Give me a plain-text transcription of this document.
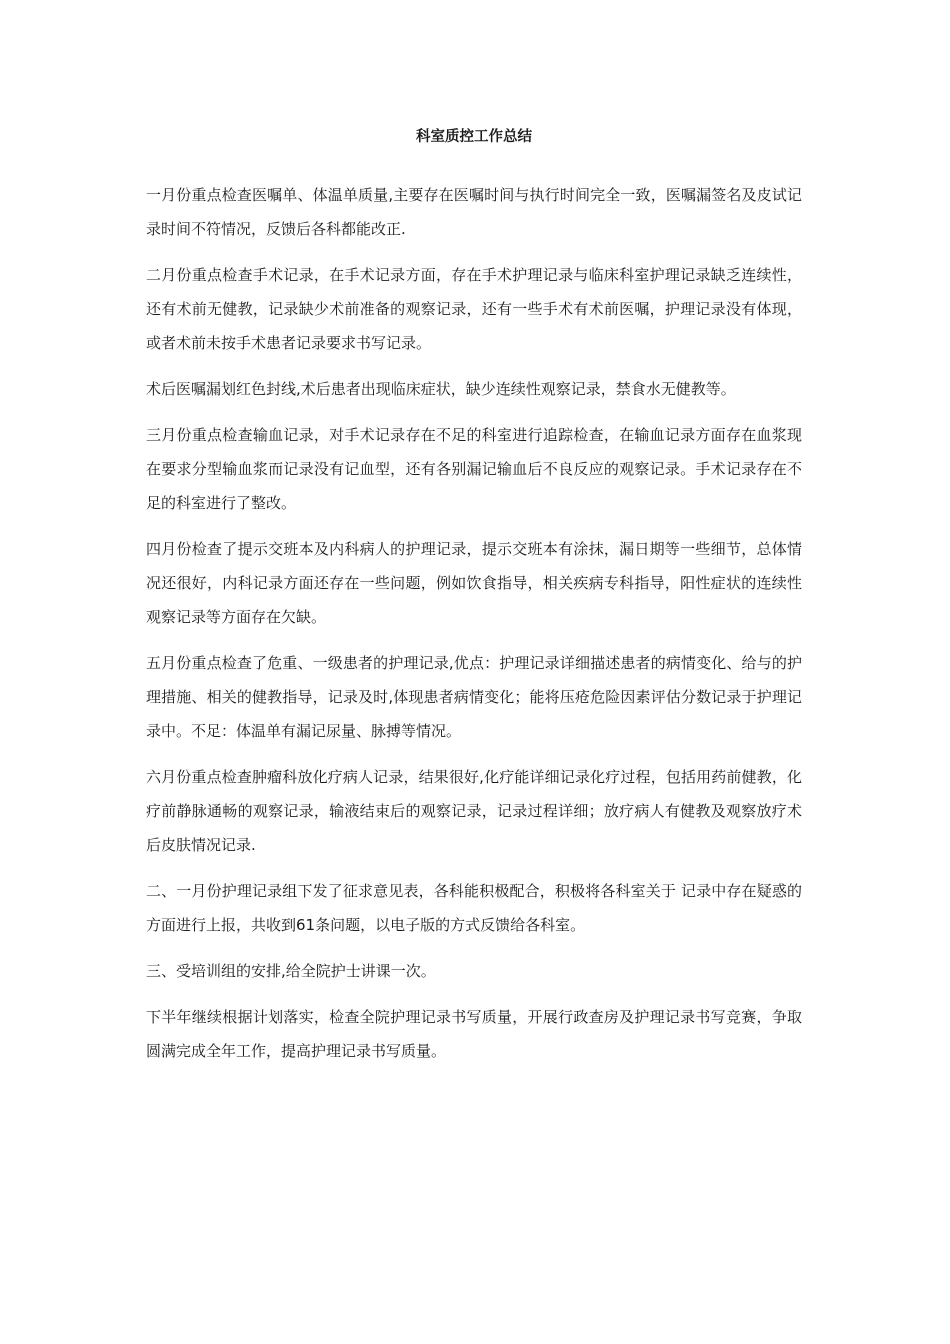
科室质控工作总结

一月份重点检查医嘱单、体温单质量,主要存在医嘱时间与执行时间完全一致，医嘱漏签名及皮试记录时间不符情况，反馈后各科都能改正.

二月份重点检查手术记录，在手术记录方面，存在手术护理记录与临床科室护理记录缺乏连续性，还有术前无健教，记录缺少术前准备的观察记录，还有一些手术有术前医嘱，护理记录没有体现，或者术前未按手术患者记录要求书写记录。

术后医嘱漏划红色封线,术后患者出现临床症状，缺少连续性观察记录，禁食水无健教等。

三月份重点检查输血记录，对手术记录存在不足的科室进行追踪检查，在输血记录方面存在血浆现在要求分型输血浆而记录没有记血型，还有各别漏记输血后不良反应的观察记录。手术记录存在不足的科室进行了整改。

四月份检查了提示交班本及内科病人的护理记录，提示交班本有涂抹，漏日期等一些细节，总体情况还很好，内科记录方面还存在一些问题，例如饮食指导，相关疾病专科指导，阳性症状的连续性观察记录等方面存在欠缺。

五月份重点检查了危重、一级患者的护理记录,优点：护理记录详细描述患者的病情变化、给与的护理措施、相关的健教指导，记录及时,体现患者病情变化；能将压疮危险因素评估分数记录于护理记录中。不足：体温单有漏记尿量、脉搏等情况。

六月份重点检查肿瘤科放化疗病人记录，结果很好,化疗能详细记录化疗过程，包括用药前健教，化疗前静脉通畅的观察记录，输液结束后的观察记录，记录过程详细；放疗病人有健教及观察放疗术后皮肤情况记录.

二、一月份护理记录组下发了征求意见表，各科能积极配合，积极将各科室关于 记录中存在疑惑的方面进行上报，共收到61条问题，以电子版的方式反馈给各科室。

三、受培训组的安排,给全院护士讲课一次。

下半年继续根据计划落实，检查全院护理记录书写质量，开展行政查房及护理记录书写竞赛，争取圆满完成全年工作，提高护理记录书写质量。
